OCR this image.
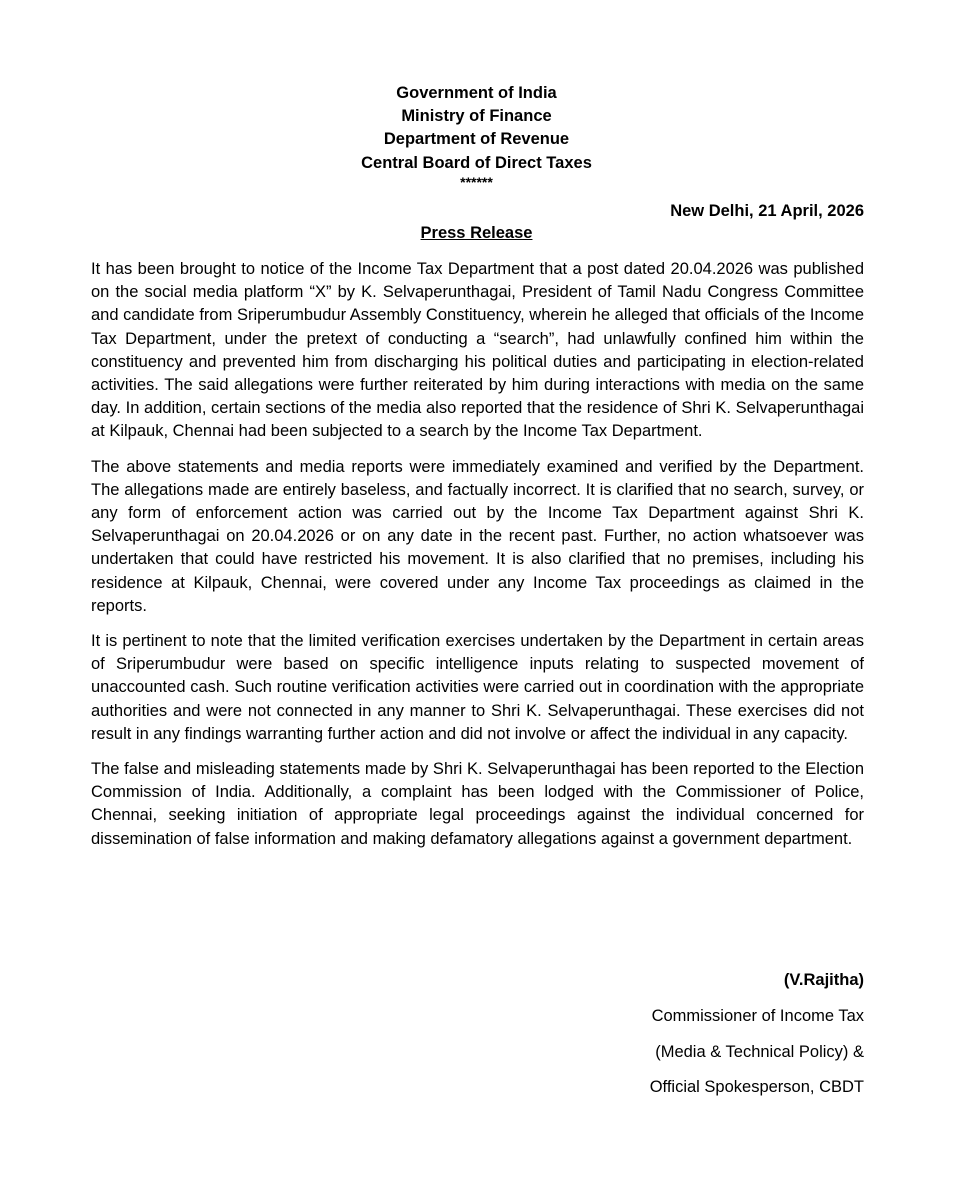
Government of India
Ministry of Finance
Department of Revenue
Central Board of Direct Taxes
******
New Delhi, 21 April, 2026
Press Release

It has been brought to notice of the Income Tax Department that a post dated 20.04.2026 was published on the social media platform “X” by K. Selvaperunthagai, President of Tamil Nadu Congress Committee and candidate from Sriperumbudur Assembly Constituency, wherein he alleged that officials of the Income Tax Department, under the pretext of conducting a “search”, had unlawfully confined him within the constituency and prevented him from discharging his political duties and participating in election-related activities. The said allegations were further reiterated by him during interactions with media on the same day. In addition, certain sections of the media also reported that the residence of Shri K. Selvaperunthagai at Kilpauk, Chennai had been subjected to a search by the Income Tax Department.

The above statements and media reports were immediately examined and verified by the Department. The allegations made are entirely baseless, and factually incorrect. It is clarified that no search, survey, or any form of enforcement action was carried out by the Income Tax Department against Shri K. Selvaperunthagai on 20.04.2026 or on any date in the recent past. Further, no action whatsoever was undertaken that could have restricted his movement. It is also clarified that no premises, including his residence at Kilpauk, Chennai, were covered under any Income Tax proceedings as claimed in the reports.

It is pertinent to note that the limited verification exercises undertaken by the Department in certain areas of Sriperumbudur were based on specific intelligence inputs relating to suspected movement of unaccounted cash. Such routine verification activities were carried out in coordination with the appropriate authorities and were not connected in any manner to Shri K. Selvaperunthagai. These exercises did not result in any findings warranting further action and did not involve or affect the individual in any capacity.

The false and misleading statements made by Shri K. Selvaperunthagai has been reported to the Election Commission of India. Additionally, a complaint has been lodged with the Commissioner of Police, Chennai, seeking initiation of appropriate legal proceedings against the individual concerned for dissemination of false information and making defamatory allegations against a government department.

(V.Rajitha)
Commissioner of Income Tax
(Media & Technical Policy) &
Official Spokesperson, CBDT
